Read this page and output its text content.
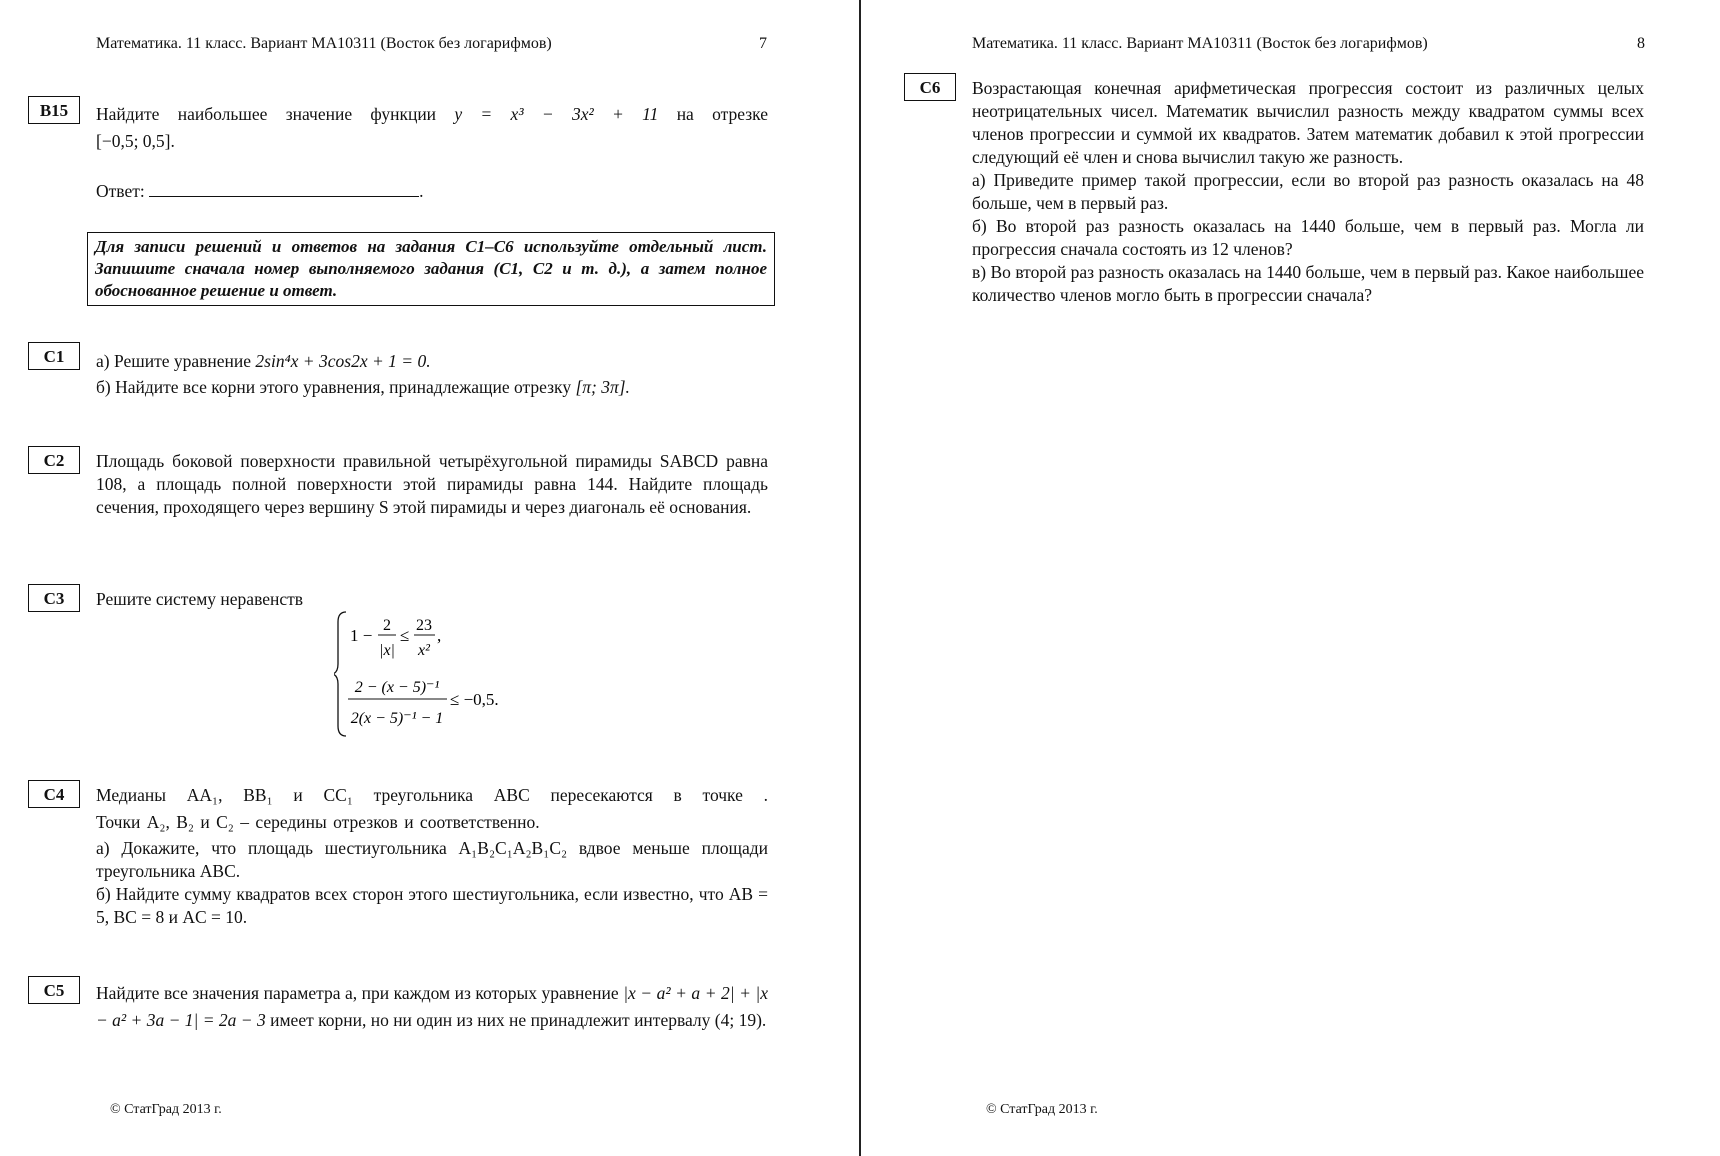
Математика. 11 класс. Вариант МА10311 (Восток без логарифмов)	7
B15	Найдите наибольшее значение функции y = x³ − 3x² + 11 на отрезке

[−0,5; 0,5].

Ответ:	.

Для записи решений и ответов на задания С1–С6 используйте отдельный лист. Запишите сначала номер выполняемого задания (С1, С2 и т. д.), а затем полное обоснованное решение и ответ.
C1	а) Решите уравнение 2sin⁴x + 3cos2x + 1 = 0.

б) Найдите все корни этого уравнения, принадлежащие отрезку [π; 3π].

C2	Площадь боковой поверхности правильной четырёхугольной пирамиды SABCD равна 108, а площадь полной поверхности этой пирамиды равна 144. Найдите площадь сечения, проходящего через вершину S этой пирамиды и через диагональ её основания.
C3	Решите систему неравенств
1 −
2
|x|
≤
23
x²
,
2 − (x − 5)⁻¹
2(x − 5)⁻¹ − 1
≤ −0,5.
C4	Медианы AA₁, BB₁ и CC₁ треугольника ABC пересекаются в точке .

Точки A₂, B₂ и C₂ – середины отрезков и соответственно.

а) Докажите, что площадь шестиугольника A₁B₂C₁A₂B₁C₂ вдвое меньше площади треугольника ABC.

б) Найдите сумму квадратов всех сторон этого шестиугольника, если известно, что AB = 5, BC = 8 и AC = 10.

C5	Найдите все значения параметра a, при каждом из которых уравнение |x − a² + a + 2| + |x − a² + 3a − 1| = 2a − 3 имеет корни, но ни один из них не принадлежит интервалу (4; 19).
© СтатГрад 2013 г.
Математика. 11 класс. Вариант МА10311 (Восток без логарифмов)	8
C6	Возрастающая конечная арифметическая прогрессия состоит из различных целых неотрицательных чисел. Математик вычислил разность между квадратом суммы всех членов прогрессии и суммой их квадратов. Затем математик добавил к этой прогрессии следующий её член и снова вычислил такую же разность.

а) Приведите пример такой прогрессии, если во второй раз разность оказалась на 48 больше, чем в первый раз.

б) Во второй раз разность оказалась на 1440 больше, чем в первый раз. Могла ли прогрессия сначала состоять из 12 членов?

в) Во второй раз разность оказалась на 1440 больше, чем в первый раз. Какое наибольшее количество членов могло быть в прогрессии сначала?

© СтатГрад 2013 г.
